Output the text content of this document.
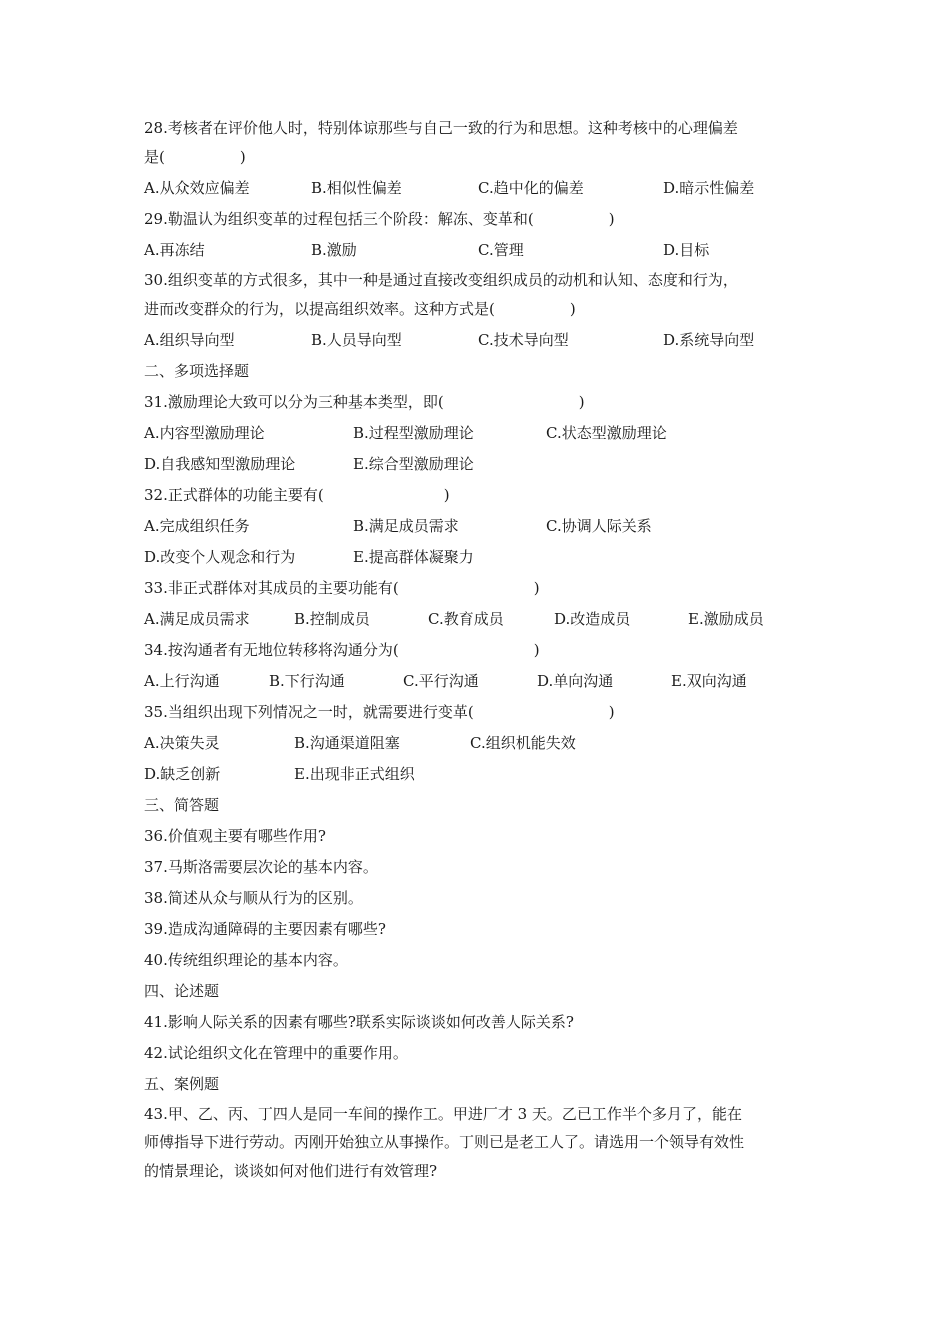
28.考核者在评价他人时，特别体谅那些与自己一致的行为和思想。这种考核中的心理偏差
是(　　　　　)
A.从众效应偏差	B.相似性偏差	C.趋中化的偏差	D.暗示性偏差
29.勒温认为组织变革的过程包括三个阶段：解冻、变革和(　　　　　)
A.再冻结	B.激励	C.管理	D.目标
30.组织变革的方式很多，其中一种是通过直接改变组织成员的动机和认知、态度和行为，
进而改变群众的行为，以提高组织效率。这种方式是(　　　　　)
A.组织导向型	B.人员导向型	C.技术导向型	D.系统导向型
二、多项选择题
31.激励理论大致可以分为三种基本类型，即(　　　　　　　　　)
A.内容型激励理论	B.过程型激励理论	C.状态型激励理论
D.自我感知型激励理论	E.综合型激励理论
32.正式群体的功能主要有(　　　　　　　　)
A.完成组织任务	B.满足成员需求	C.协调人际关系
D.改变个人观念和行为	E.提高群体凝聚力
33.非正式群体对其成员的主要功能有(　　　　　　　　　)
A.满足成员需求	B.控制成员	C.教育成员	D.改造成员	E.激励成员
34.按沟通者有无地位转移将沟通分为(　　　　　　　　　)
A.上行沟通	B.下行沟通	C.平行沟通	D.单向沟通	E.双向沟通
35.当组织出现下列情况之一时，就需要进行变革(　　　　　　　　　)
A.决策失灵	B.沟通渠道阻塞	C.组织机能失效
D.缺乏创新	E.出现非正式组织
三、简答题
36.价值观主要有哪些作用?
37.马斯洛需要层次论的基本内容。
38.简述从众与顺从行为的区别。
39.造成沟通障碍的主要因素有哪些?
40.传统组织理论的基本内容。
四、论述题
41.影响人际关系的因素有哪些?联系实际谈谈如何改善人际关系?
42.试论组织文化在管理中的重要作用。
五、案例题
43.甲、乙、丙、丁四人是同一车间的操作工。甲进厂才 3 天。乙已工作半个多月了，能在
师傅指导下进行劳动。丙刚开始独立从事操作。丁则已是老工人了。请选用一个领导有效性
的情景理论，谈谈如何对他们进行有效管理?
